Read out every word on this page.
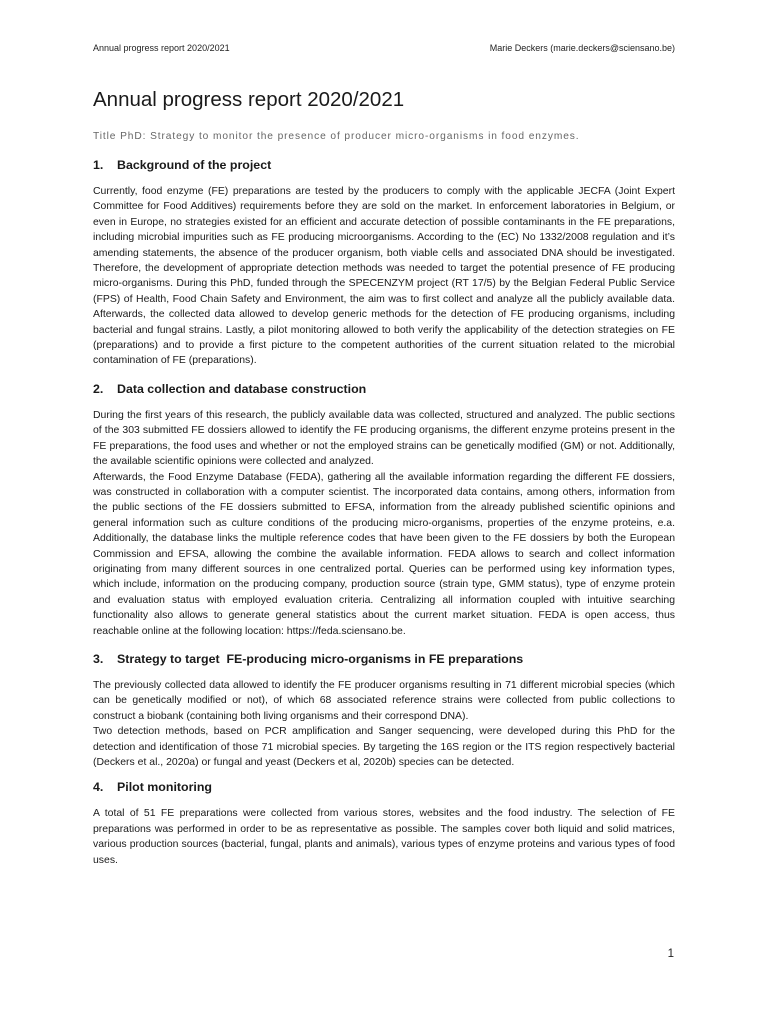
Annual progress report 2020/2021	Marie Deckers (marie.deckers@sciensano.be)
Annual progress report 2020/2021

Title PhD: Strategy to monitor the presence of producer micro-organisms in food enzymes.

1. Background of the project

Currently, food enzyme (FE) preparations are tested by the producers to comply with the applicable JECFA (Joint Expert Committee for Food Additives) requirements before they are sold on the market. In enforcement laboratories in Belgium, or even in Europe, no strategies existed for an efficient and accurate detection of possible contaminants in the FE preparations, including microbial impurities such as FE producing microorganisms. According to the (EC) No 1332/2008 regulation and it’s amending statements, the absence of the producer organism, both viable cells and associated DNA should be investigated. Therefore, the development of appropriate detection methods was needed to target the potential presence of FE producing micro-organisms. During this PhD, funded through the SPECENZYM project (RT 17/5) by the Belgian Federal Public Service (FPS) of Health, Food Chain Safety and Environment, the aim was to first collect and analyze all the publicly available data. Afterwards, the collected data allowed to develop generic methods for the detection of FE producing organisms, including bacterial and fungal strains. Lastly, a pilot monitoring allowed to both verify the applicability of the detection strategies on FE (preparations) and to provide a first picture to the competent authorities of the current situation related to the microbial contamination of FE (preparations).

2. Data collection and database construction

During the first years of this research, the publicly available data was collected, structured and analyzed. The public sections of the 303 submitted FE dossiers allowed to identify the FE producing organisms, the different enzyme proteins present in the FE preparations, the food uses and whether or not the employed strains can be genetically modified (GM) or not. Additionally, the available scientific opinions were collected and analyzed.

Afterwards, the Food Enzyme Database (FEDA), gathering all the available information regarding the different FE dossiers, was constructed in collaboration with a computer scientist. The incorporated data contains, among others, information from the public sections of the FE dossiers submitted to EFSA, information from the already published scientific opinions and general information such as culture conditions of the producing micro-organisms, properties of the enzyme proteins, e.a. Additionally, the database links the multiple reference codes that have been given to the FE dossiers by both the European Commission and EFSA, allowing the combine the available information. FEDA allows to search and collect information originating from many different sources in one centralized portal. Queries can be performed using key information types, which include, information on the producing company, production source (strain type, GMM status), type of enzyme protein and evaluation status with employed evaluation criteria. Centralizing all information coupled with intuitive searching functionality also allows to generate general statistics about the current market situation. FEDA is open access, thus reachable online at the following location: https://feda.sciensano.be.

3. Strategy to target  FE-producing micro-organisms in FE preparations

The previously collected data allowed to identify the FE producer organisms resulting in 71 different microbial species (which can be genetically modified or not), of which 68 associated reference strains were collected from public collections to construct a biobank (containing both living organisms and their correspond DNA).

Two detection methods, based on PCR amplification and Sanger sequencing, were developed during this PhD for the detection and identification of those 71 microbial species. By targeting the 16S region or the ITS region respectively bacterial (Deckers et al., 2020a) or fungal and yeast (Deckers et al, 2020b) species can be detected.

4. Pilot monitoring

A total of 51 FE preparations were collected from various stores, websites and the food industry. The selection of FE preparations was performed in order to be as representative as possible. The samples cover both liquid and solid matrices, various production sources (bacterial, fungal, plants and animals), various types of enzyme proteins and various types of food uses.

1
